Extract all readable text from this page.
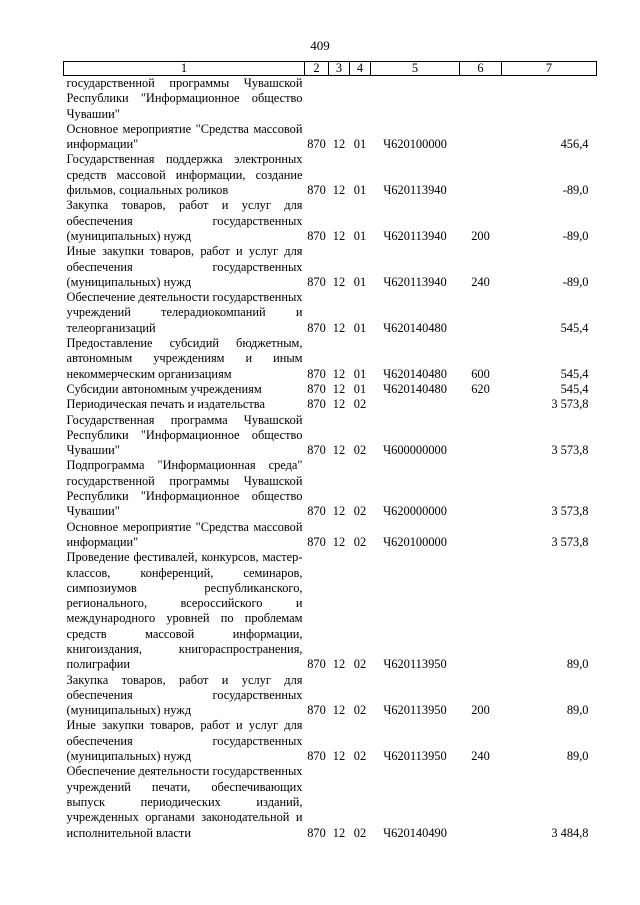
409
1	2	3	4	5	6	7
государственной программы Чувашской Республики "Информационное общество Чувашии"						
Основное мероприятие "Средства массовой информации"	870	12	01	Ч620100000		456,4
Государственная поддержка электронных средств массовой информации, создание фильмов, социальных роликов	870	12	01	Ч620113940		-89,0
Закупка товаров, работ и услуг для обеспечения государственных (муниципальных) нужд	870	12	01	Ч620113940	200	-89,0
Иные закупки товаров, работ и услуг для обеспечения государственных (муниципальных) нужд	870	12	01	Ч620113940	240	-89,0
Обеспечение деятельности государственных учреждений телерадиокомпаний и телеорганизаций	870	12	01	Ч620140480		545,4
Предоставление субсидий бюджетным, автономным учреждениям и иным некоммерческим организациям	870	12	01	Ч620140480	600	545,4
Субсидии автономным учреждениям	870	12	01	Ч620140480	620	545,4
Периодическая печать и издательства	870	12	02			3 573,8
Государственная программа Чувашской Республики "Информационное общество Чувашии"	870	12	02	Ч600000000		3 573,8
Подпрограмма "Информационная среда" государственной программы Чувашской Республики "Информационное общество Чувашии"	870	12	02	Ч620000000		3 573,8
Основное мероприятие "Средства массовой информации"	870	12	02	Ч620100000		3 573,8
Проведение фестивалей, конкурсов, мастер-классов, конференций, семинаров, симпозиумов республиканского, регионального, всероссийского и международного уровней по проблемам средств массовой информации, книгоиздания, книгораспространения, полиграфии	870	12	02	Ч620113950		89,0
Закупка товаров, работ и услуг для обеспечения государственных (муниципальных) нужд	870	12	02	Ч620113950	200	89,0
Иные закупки товаров, работ и услуг для обеспечения государственных (муниципальных) нужд	870	12	02	Ч620113950	240	89,0
Обеспечение деятельности государственных учреждений печати, обеспечивающих выпуск периодических изданий, учрежденных органами законодательной и исполнительной власти	870	12	02	Ч620140490		3 484,8
